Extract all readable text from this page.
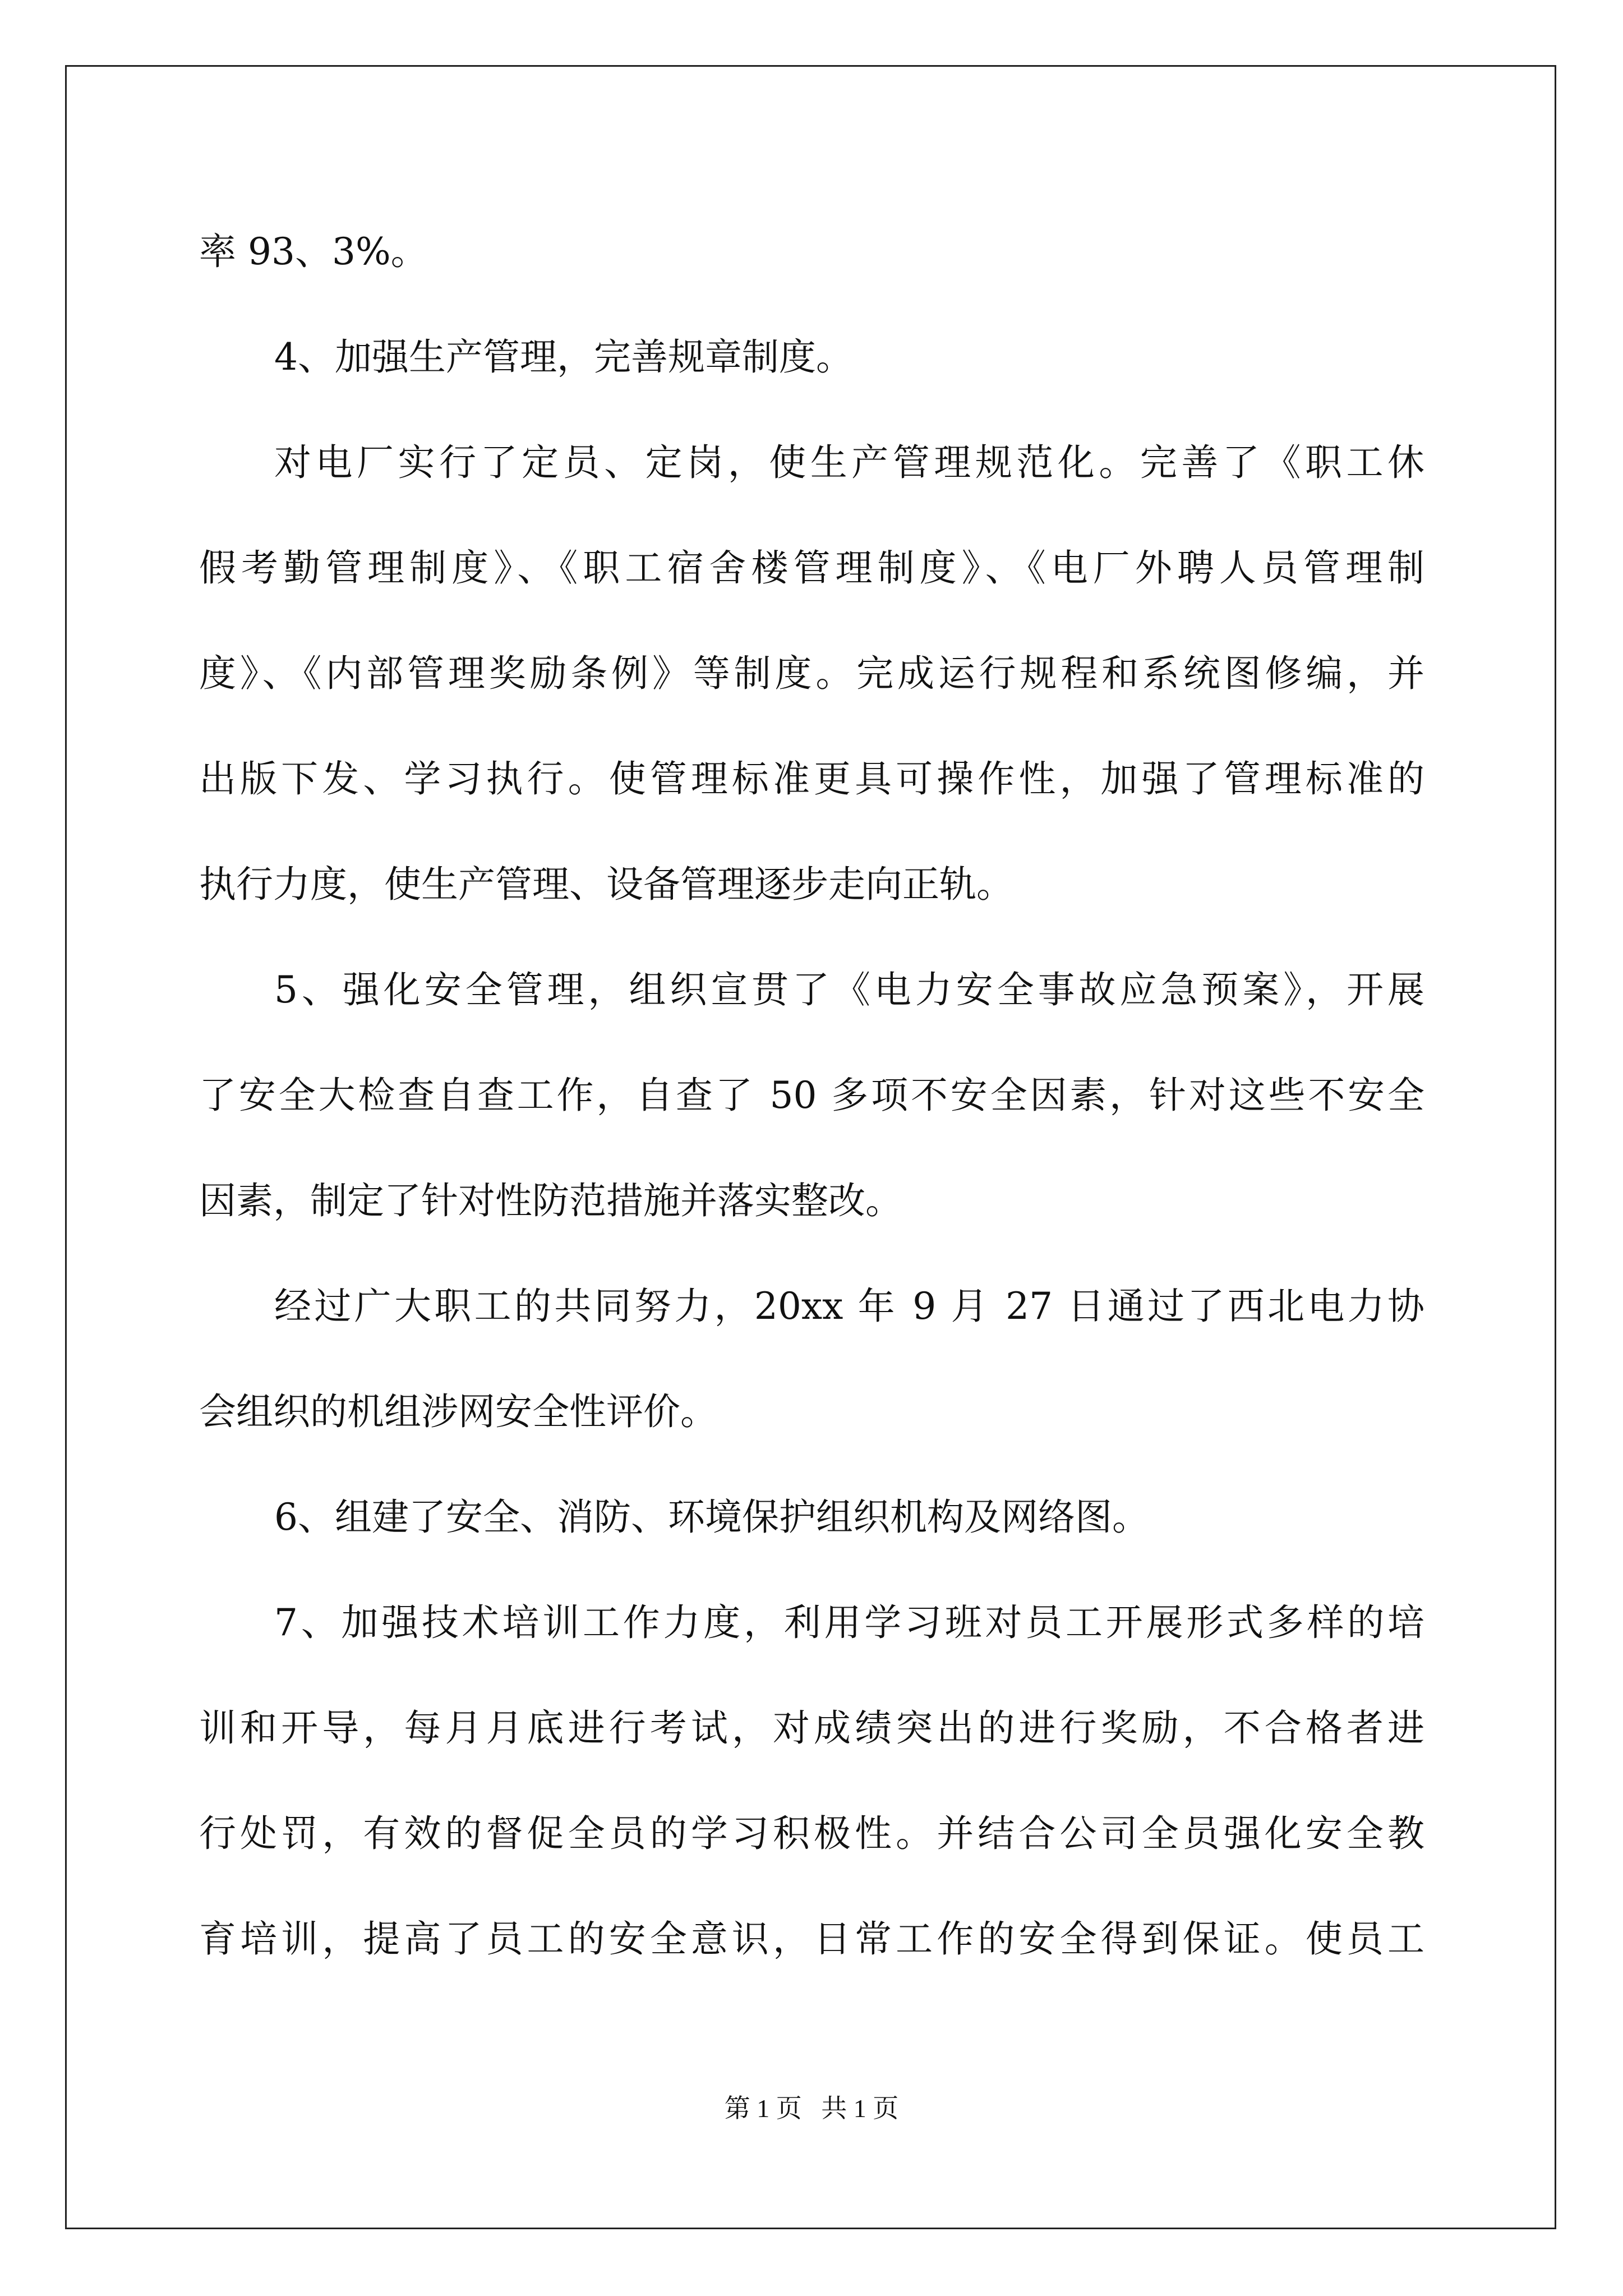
率 93、3%。
4、加强生产管理，完善规章制度。
对电厂实行了定员、定岗，使生产管理规范化。完善了《职工休
假考勤管理制度》、《职工宿舍楼管理制度》、《电厂外聘人员管理制
度》、《内部管理奖励条例》等制度。完成运行规程和系统图修编，并
出版下发、学习执行。使管理标准更具可操作性，加强了管理标准的
执行力度，使生产管理、设备管理逐步走向正轨。
5、强化安全管理，组织宣贯了《电力安全事故应急预案》，开展
了安全大检查自查工作，自查了 50 多项不安全因素，针对这些不安全
因素，制定了针对性防范措施并落实整改。
经过广大职工的共同努力，20xx 年 9 月 27 日通过了西北电力协
会组织的机组涉网安全性评价。
6、组建了安全、消防、环境保护组织机构及网络图。
7、加强技术培训工作力度，利用学习班对员工开展形式多样的培
训和开导，每月月底进行考试，对成绩突出的进行奖励，不合格者进
行处罚，有效的督促全员的学习积极性。并结合公司全员强化安全教
育培训，提高了员工的安全意识，日常工作的安全得到保证。使员工
第 1 页 共 1 页
